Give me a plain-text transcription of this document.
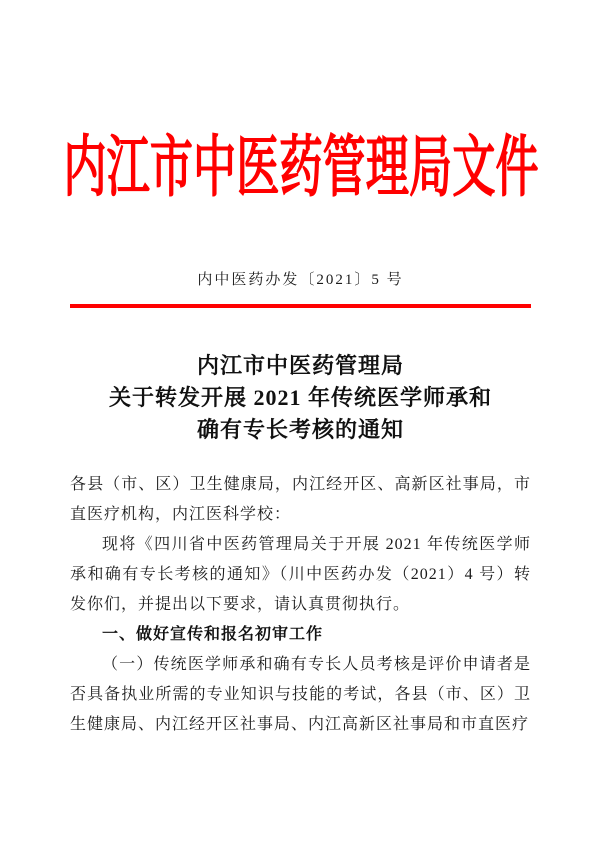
内江市中医药管理局文件
内中医药办发〔2021〕5 号
内江市中医药管理局
关于转发开展 2021 年传统医学师承和
确有专长考核的通知

各县（市、区）卫生健康局，内江经开区、高新区社事局，市直医疗机构，内江医科学校：

现将《四川省中医药管理局关于开展 2021 年传统医学师承和确有专长考核的通知》（川中医药办发（2021）4 号）转发你们，并提出以下要求，请认真贯彻执行。

一、做好宣传和报名初审工作

（一）传统医学师承和确有专长人员考核是评价申请者是否具备执业所需的专业知识与技能的考试，各县（市、区）卫生健康局、内江经开区社事局、内江高新区社事局和市直医疗
